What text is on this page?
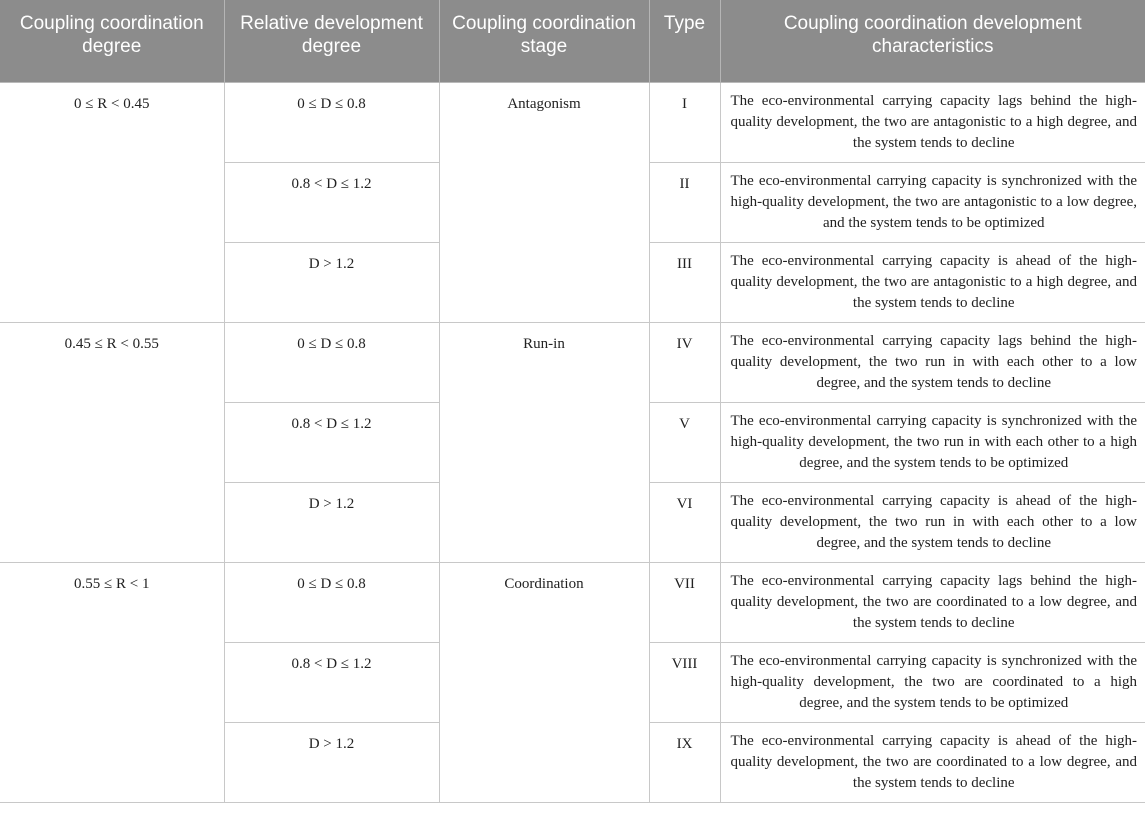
Coupling coordination degree	Relative development degree	Coupling coordination stage	Type	Coupling coordination development characteristics
0 ≤ R < 0.45	0 ≤ D ≤ 0.8	Antagonism	I	The eco-environmental carrying capacity lags behind the high-quality development, the two are antagonistic to a high degree, and the system tends to decline
	0.8 < D ≤ 1.2		II	The eco-environmental carrying capacity is synchronized with the high-quality development, the two are antagonistic to a low degree, and the system tends to be optimized
	D > 1.2		III	The eco-environmental carrying capacity is ahead of the high-quality development, the two are antagonistic to a high degree, and the system tends to decline
0.45 ≤ R < 0.55	0 ≤ D ≤ 0.8	Run-in	IV	The eco-environmental carrying capacity lags behind the high-quality development, the two run in with each other to a low degree, and the system tends to decline
	0.8 < D ≤ 1.2		V	The eco-environmental carrying capacity is synchronized with the high-quality development, the two run in with each other to a high degree, and the system tends to be optimized
	D > 1.2		VI	The eco-environmental carrying capacity is ahead of the high-quality development, the two run in with each other to a low degree, and the system tends to decline
0.55 ≤ R < 1	0 ≤ D ≤ 0.8	Coordination	VII	The eco-environmental carrying capacity lags behind the high-quality development, the two are coordinated to a low degree, and the system tends to decline
	0.8 < D ≤ 1.2		VIII	The eco-environmental carrying capacity is synchronized with the high-quality development, the two are coordinated to a high degree, and the system tends to be optimized
	D > 1.2		IX	The eco-environmental carrying capacity is ahead of the high-quality development, the two are coordinated to a low degree, and the system tends to decline
